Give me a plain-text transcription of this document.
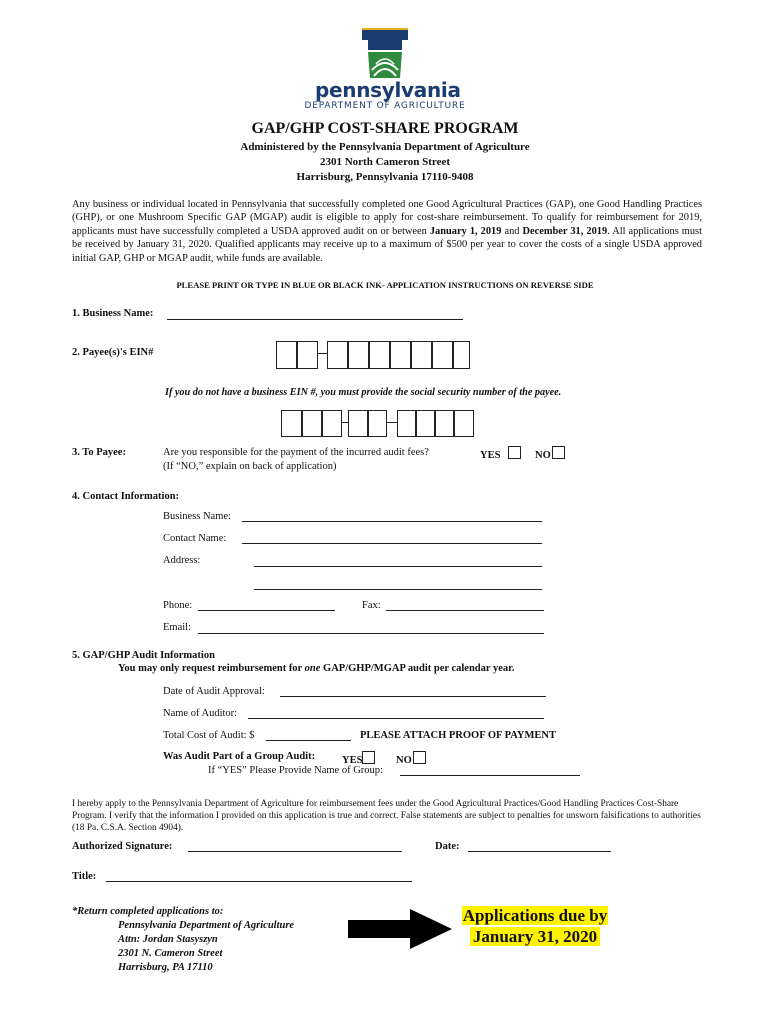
pennsylvania
DEPARTMENT OF AGRICULTURE
GAP/GHP COST-SHARE PROGRAM
Administered by the Pennsylvania Department of Agriculture
2301 North Cameron Street
Harrisburg, Pennsylvania 17110-9408
Any business or individual located in Pennsylvania that successfully completed one Good Agricultural Practices (GAP), one Good Handling Practices (GHP), or one Mushroom Specific GAP (MGAP) audit is eligible to apply for cost-share reimbursement. To qualify for reimbursement for 2019, applicants must have successfully completed a USDA approved audit on or between January 1, 2019 and December 31, 2019. All applications must be received by January 31, 2020. Qualified applicants may receive up to a maximum of $500 per year to cover the costs of a single USDA approved initial GAP, GHP or MGAP audit, while funds are available.
PLEASE PRINT OR TYPE IN BLUE OR BLACK INK- APPLICATION INSTRUCTIONS ON REVERSE SIDE
1. Business Name:
2. Payee(s)'s EIN#
If you do not have a business EIN #, you must provide the social security number of the payee.
3. To Payee:	Are you responsible for the payment of the incurred audit fees?
(If “NO,” explain on back of application)
YES	NO
4. Contact Information:
Business Name:
Contact Name:
Address:
Phone:	Fax:
Email:
5. GAP/GHP Audit Information
You may only request reimbursement for one GAP/GHP/MGAP audit per calendar year.
Date of Audit Approval:
Name of Auditor:
Total Cost of Audit: $	PLEASE ATTACH PROOF OF PAYMENT
Was Audit Part of a Group Audit:	YES	NO
If “YES” Please Provide Name of Group:
I hereby apply to the Pennsylvania Department of Agriculture for reimbursement fees under the Good Agricultural Practices/Good Handling Practices Cost-Share Program. I verify that the information I provided on this application is true and correct. False statements are subject to penalties for unsworn falsifications to authorities (18 Pa. C.S.A. Section 4904).
Authorized Signature:	Date:
Title:
*Return completed applications to:
Pennsylvania Department of Agriculture
Attn: Jordan Stasyszyn
2301 N. Cameron Street
Harrisburg, PA 17110
Applications due by
January 31, 2020
